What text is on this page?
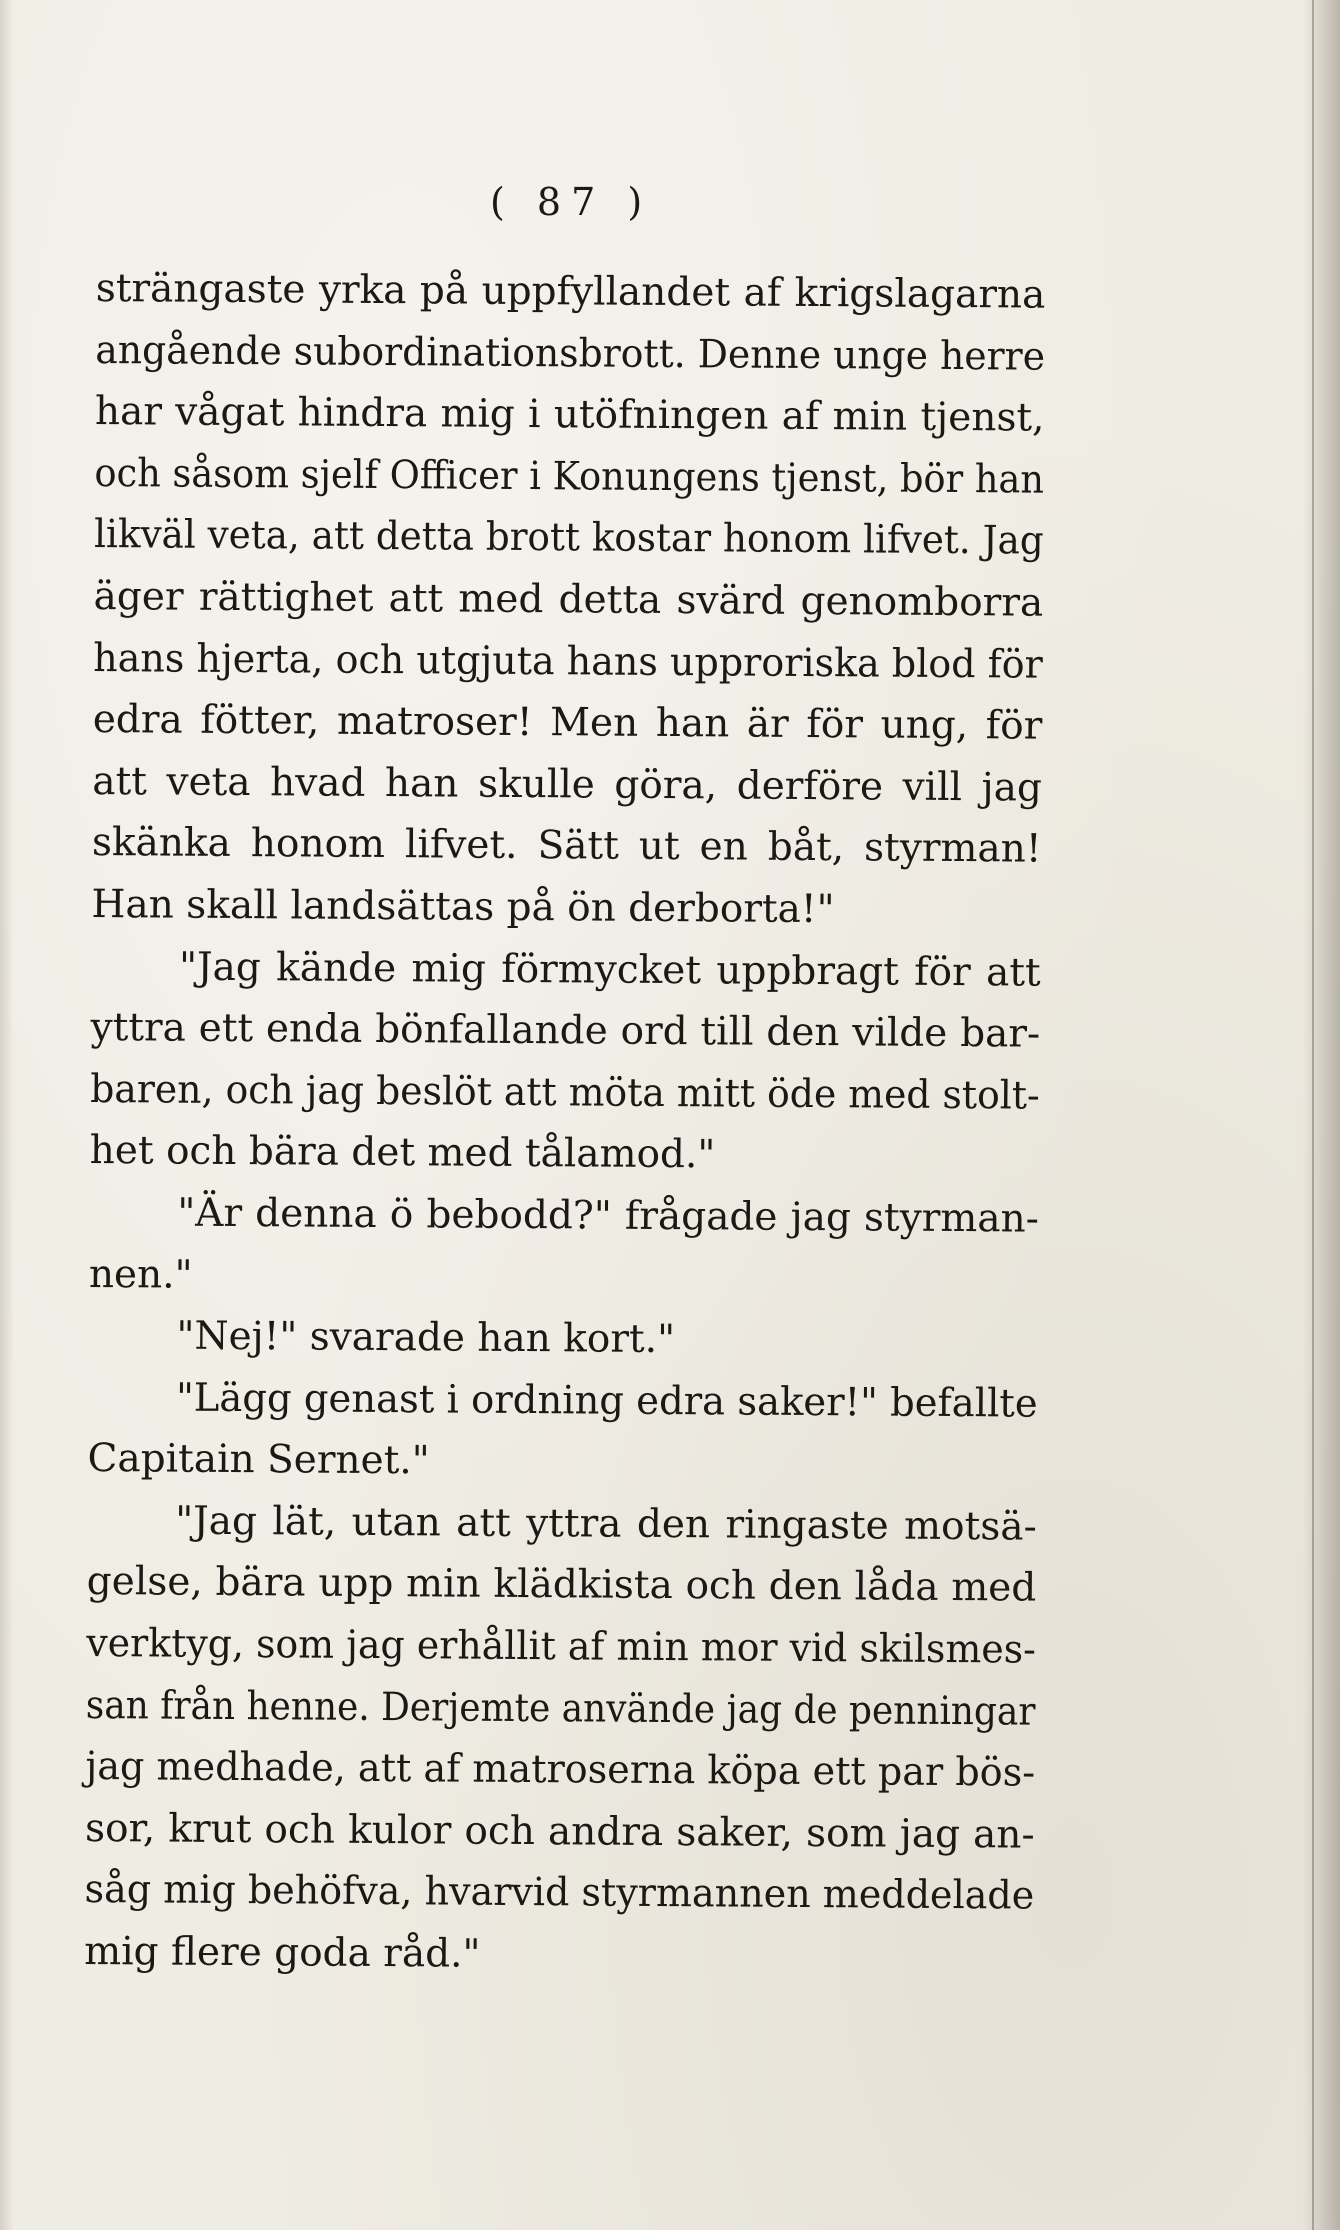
( 87 )
strängaste yrka på uppfyllandet af krigslagarna
angående subordinationsbrott. Denne unge herre
har vågat hindra mig i utöfningen af min tjenst,
och såsom sjelf Officer i Konungens tjenst, bör han
likväl veta, att detta brott kostar honom lifvet. Jag
äger rättighet att med detta svärd genomborra
hans hjerta, och utgjuta hans upproriska blod för
edra fötter, matroser! Men han är för ung, för
att veta hvad han skulle göra, derföre vill jag
skänka honom lifvet. Sätt ut en båt, styrman!
Han skall landsättas på ön derborta!"
"Jag kände mig förmycket uppbragt för att
yttra ett enda bönfallande ord till den vilde bar-
baren, och jag beslöt att möta mitt öde med stolt-
het och bära det med tålamod."
"Är denna ö bebodd?" frågade jag styrman-
nen."
"Nej!" svarade han kort."
"Lägg genast i ordning edra saker!" befallte
Capitain Sernet."
"Jag lät, utan att yttra den ringaste motsä-
gelse, bära upp min klädkista och den låda med
verktyg, som jag erhållit af min mor vid skilsmes-
san från henne. Derjemte använde jag de penningar
jag medhade, att af matroserna köpa ett par bös-
sor, krut och kulor och andra saker, som jag an-
såg mig behöfva, hvarvid styrmannen meddelade
mig flere goda råd."
